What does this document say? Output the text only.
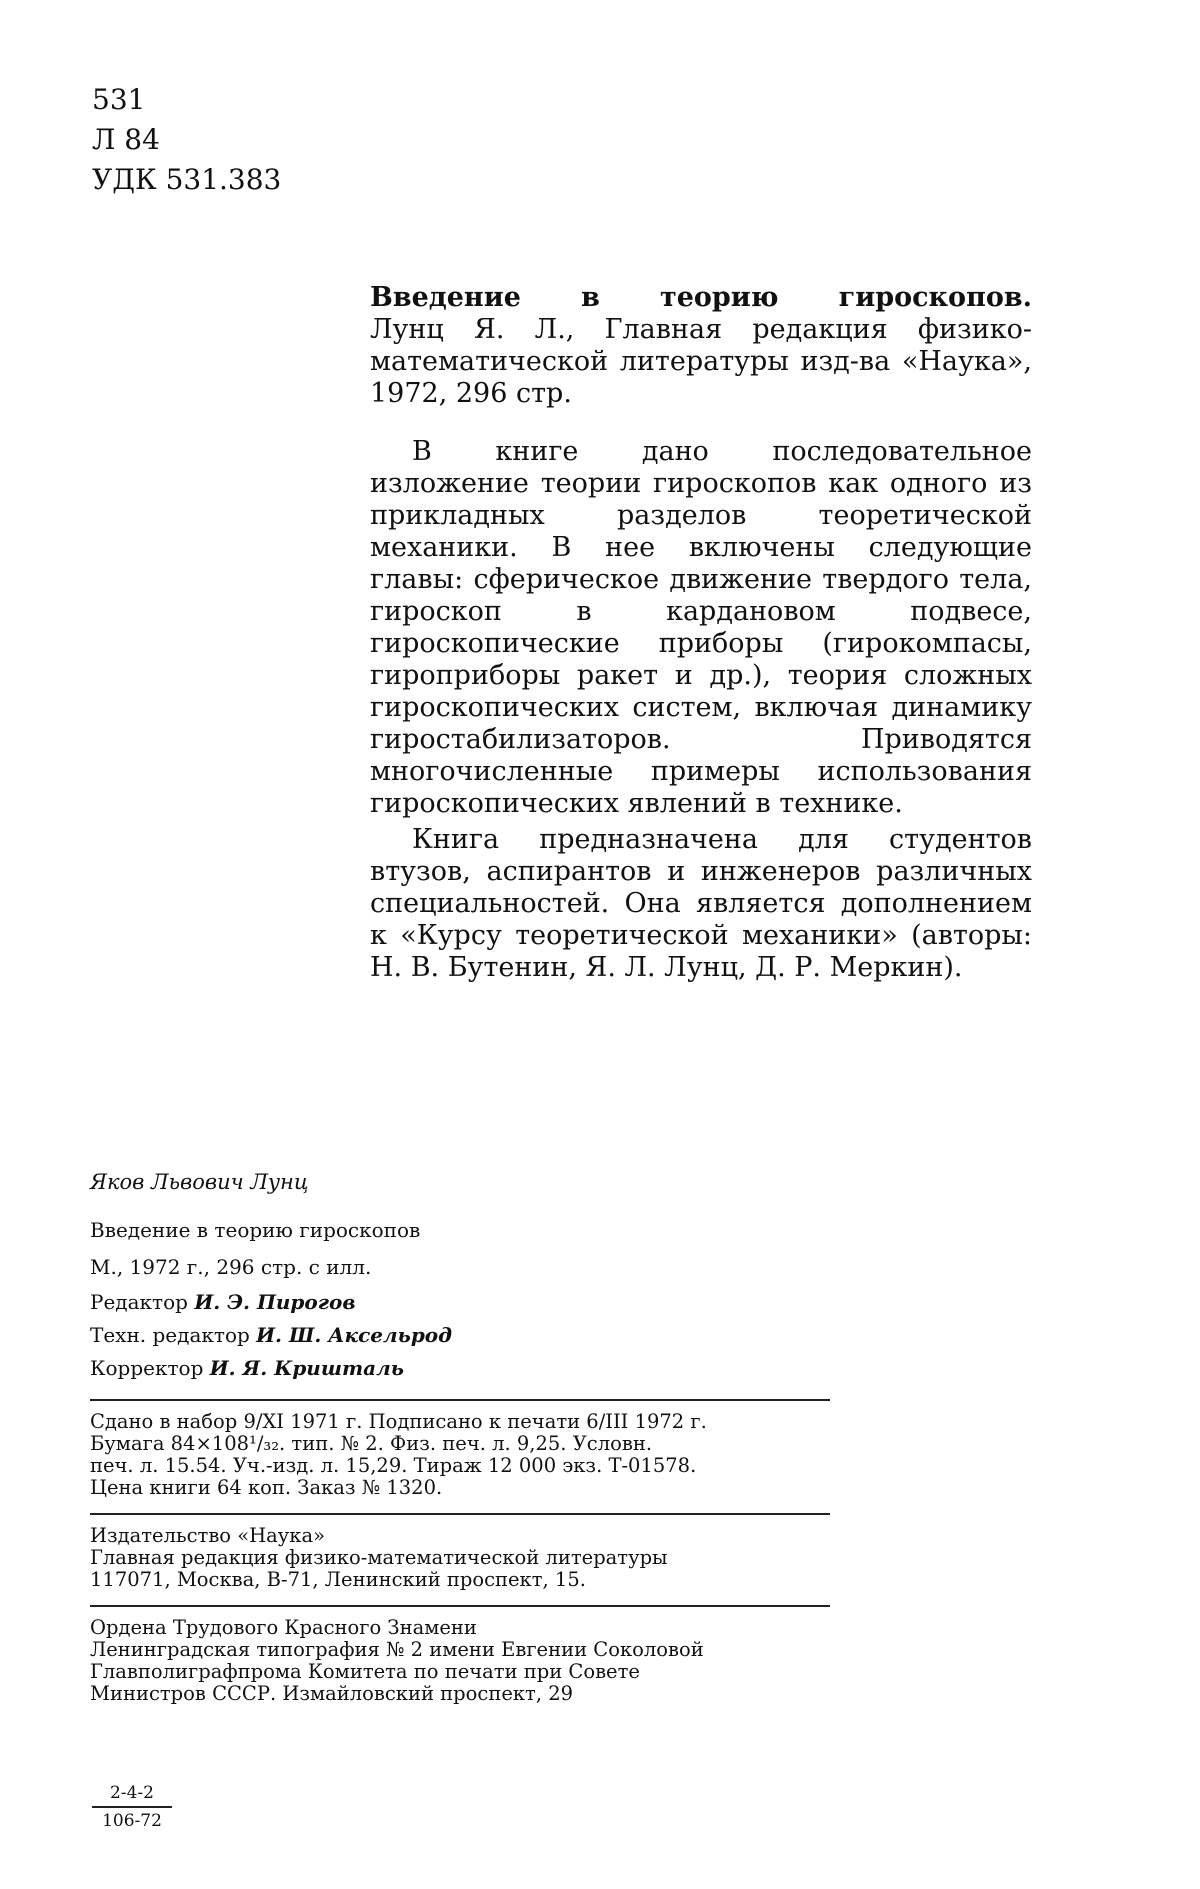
531
Л 84
УДК 531.383

Введение в теорию гироскопов.

Лунц Я. Л., Главная редакция физико-математической литературы изд-ва «Наука», 1972, 296 стр.

В книге дано последовательное изложение теории гироскопов как одного из прикладных разделов теоретической механики. В нее включены следующие главы: сферическое движение твердого тела, гироскоп в кардановом подвесе, гироскопические приборы (гирокомпасы, гироприборы ракет и др.), теория сложных гироскопических систем, включая динамику гиростабилизаторов. Приводятся многочисленные примеры использования гироскопических явлений в технике.

Книга предназначена для студентов втузов, аспирантов и инженеров различных специальностей. Она является дополнением к «Курсу теоретической механики» (авторы: Н. В. Бутенин, Я. Л. Лунц, Д. Р. Меркин).

Яков Львович Лунц
Введение в теорию гироскопов
М., 1972 г., 296 стр. с илл.
Редактор И. Э. Пирогов
Техн. редактор И. Ш. Аксельрод
Корректор И. Я. Кришталь
Сдано в набор 9/XI 1971 г. Подписано к печати 6/III 1972 г.
Бумага 84×108¹/₃₂. тип. № 2. Физ. печ. л. 9,25. Условн.
печ. л. 15.54. Уч.-изд. л. 15,29. Тираж 12 000 экз. Т-01578.
Цена книги 64 коп. Заказ № 1320.
Издательство «Наука»
Главная редакция физико-математической литературы
117071, Москва, В-71, Ленинский проспект, 15.
Ордена Трудового Красного Знамени
Ленинградская типография № 2 имени Евгении Соколовой
Главполиграфпрома Комитета по печати при Совете
Министров СССР. Измайловский проспект, 29
$\frac{2-4-2}{106-72}$
